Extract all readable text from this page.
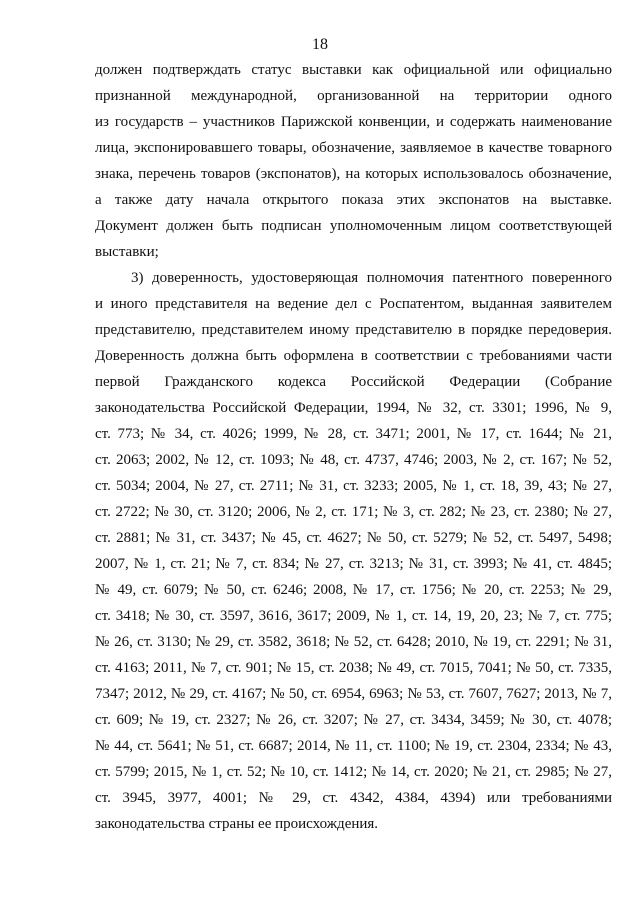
18
должен подтверждать статус выставки как официальной или официально
признанной международной, организованной на территории одного
из государств – участников Парижской конвенции, и содержать наименование
лица, экспонировавшего товары, обозначение, заявляемое в качестве товарного
знака, перечень товаров (экспонатов), на которых использовалось обозначение,
а также дату начала открытого показа этих экспонатов на выставке.
Документ должен быть подписан уполномоченным лицом соответствующей
выставки;
3) доверенность, удостоверяющая полномочия патентного поверенного
и иного представителя на ведение дел с Роспатентом, выданная заявителем
представителю, представителем иному представителю в порядке передоверия.
Доверенность должна быть оформлена в соответствии с требованиями части
первой Гражданского кодекса Российской Федерации (Собрание
законодательства Российской Федерации, 1994, № 32, ст. 3301; 1996, № 9,
ст. 773; № 34, ст. 4026; 1999, № 28, ст. 3471; 2001, № 17, ст. 1644; № 21,
ст. 2063; 2002, № 12, ст. 1093; № 48, ст. 4737, 4746; 2003, № 2, ст. 167; № 52,
ст. 5034; 2004, № 27, ст. 2711; № 31, ст. 3233; 2005, № 1, ст. 18, 39, 43; № 27,
ст. 2722; № 30, ст. 3120; 2006, № 2, ст. 171; № 3, ст. 282; № 23, ст. 2380; № 27,
ст. 2881; № 31, ст. 3437; № 45, ст. 4627; № 50, ст. 5279; № 52, ст. 5497, 5498;
2007, № 1, ст. 21; № 7, ст. 834; № 27, ст. 3213; № 31, ст. 3993; № 41, ст. 4845;
№ 49, ст. 6079; № 50, ст. 6246; 2008, № 17, ст. 1756; № 20, ст. 2253; № 29,
ст. 3418; № 30, ст. 3597, 3616, 3617; 2009, № 1, ст. 14, 19, 20, 23; № 7, ст. 775;
№ 26, ст. 3130; № 29, ст. 3582, 3618; № 52, ст. 6428; 2010, № 19, ст. 2291; № 31,
ст. 4163; 2011, № 7, ст. 901; № 15, ст. 2038; № 49, ст. 7015, 7041; № 50, ст. 7335,
7347; 2012, № 29, ст. 4167; № 50, ст. 6954, 6963; № 53, ст. 7607, 7627; 2013, № 7,
ст. 609; № 19, ст. 2327; № 26, ст. 3207; № 27, ст. 3434, 3459; № 30, ст. 4078;
№ 44, ст. 5641; № 51, ст. 6687; 2014, № 11, ст. 1100; № 19, ст. 2304, 2334; № 43,
ст. 5799; 2015, № 1, ст. 52; № 10, ст. 1412; № 14, ст. 2020; № 21, ст. 2985; № 27,
ст. 3945, 3977, 4001; № 29, ст. 4342, 4384, 4394) или требованиями
законодательства страны ее происхождения.
